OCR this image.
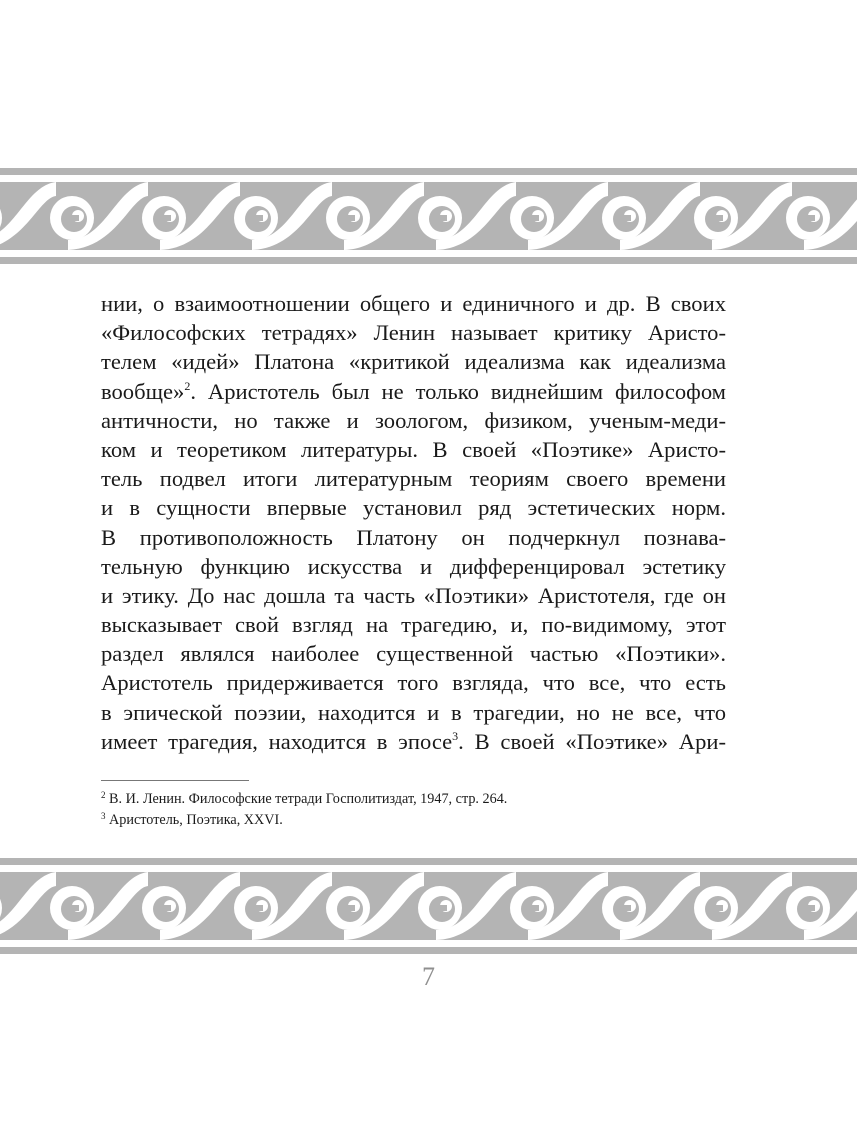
нии, о взаимоотношении общего и единичного и др. В своих
«Философских тетрадях» Ленин называет критику Аристо-
телем «идей» Платона «критикой идеализма как идеализма
вообще»$^2$. Аристотель был не только виднейшим философом
античности, но также и зоологом, физиком, ученым-меди-
ком и теоретиком литературы. В своей «Поэтике» Аристо-
тель подвел итоги литературным теориям своего времени
и в сущности впервые установил ряд эстетических норм.
В противоположность Платону он подчеркнул познава-
тельную функцию искусства и дифференцировал эстетику
и этику. До нас дошла та часть «Поэтики» Аристотеля, где он
высказывает свой взгляд на трагедию, и, по-видимому, этот
раздел являлся наиболее существенной частью «Поэтики».
Аристотель придерживается того взгляда, что все, что есть
в эпической поэзии, находится и в трагедии, но не все, что
имеет трагедия, находится в эпосе$^3$. В своей «Поэтике» Ари-
$^2$ В. И. Ленин. Философские тетради Госполитиздат, 1947, стр. 264.
$^3$ Аристотель, Поэтика, XXVI.
7
